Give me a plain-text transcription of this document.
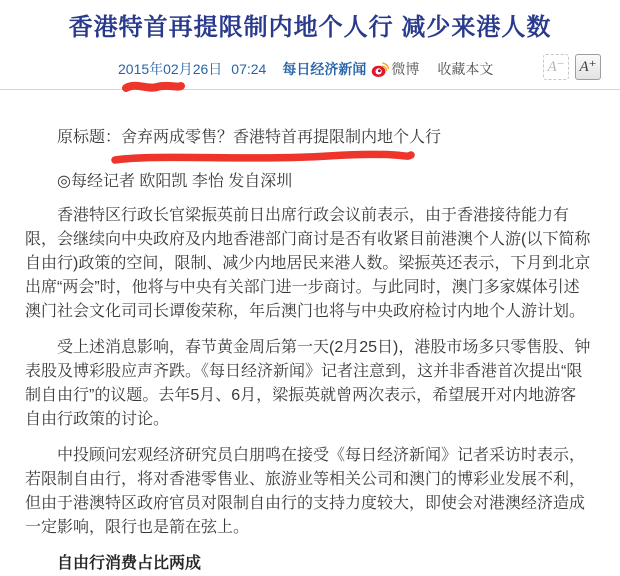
香港特首再提限制内地个人行 减少来港人数
2015年02月26日 07:24 每日经济新闻 微博 收藏本文	A⁻ A⁺

原标题：舍弃两成零售？香港特首再提限制内地个人行

◎每经记者 欧阳凯 李怡 发自深圳

香港特区行政长官梁振英前日出席行政会议前表示，由于香港接待能力有限，会继续向中央政府及内地香港部门商讨是否有收紧目前港澳个人游(以下简称自由行)政策的空间，限制、减少内地居民来港人数。梁振英还表示，下月到北京出席“两会”时，他将与中央有关部门进一步商讨。与此同时，澳门多家媒体引述澳门社会文化司司长谭俊荣称，年后澳门也将与中央政府检讨内地个人游计划。

受上述消息影响，春节黄金周后第一天(2月25日)，港股市场多只零售股、钟表股及博彩股应声齐跌。《每日经济新闻》记者注意到，这并非香港首次提出“限制自由行”的议题。去年5月、6月，梁振英就曾两次表示，希望展开对内地游客自由行政策的讨论。

中投顾问宏观经济研究员白朋鸣在接受《每日经济新闻》记者采访时表示，若限制自由行，将对香港零售业、旅游业等相关公司和澳门的博彩业发展不利，但由于港澳特区政府官员对限制自由行的支持力度较大，即使会对港澳经济造成一定影响，限行也是箭在弦上。

自由行消费占比两成
